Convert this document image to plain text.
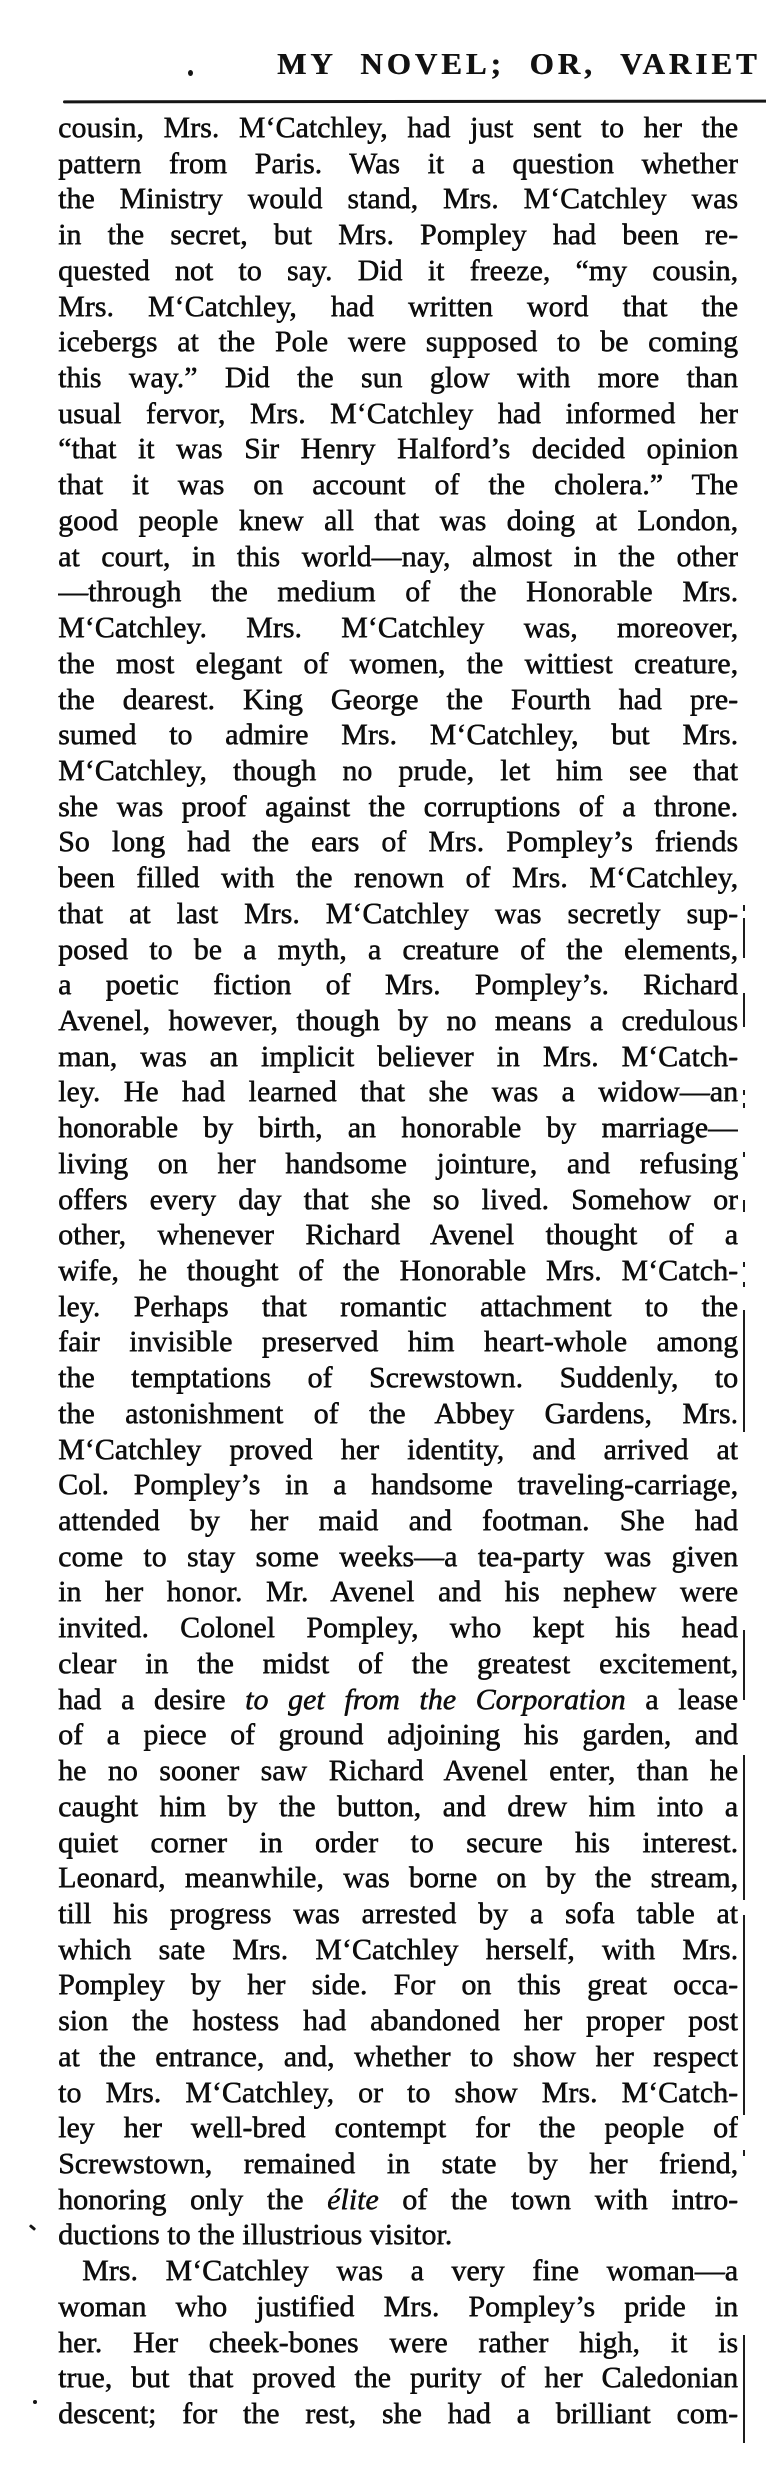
MY NOVEL; OR, VARIET
cousin, Mrs. M‘Catchley, had just sent to her the
pattern from Paris. Was it a question whether
the Ministry would stand, Mrs. M‘Catchley was
in the secret, but Mrs. Pompley had been re-
quested not to say. Did it freeze, “my cousin,
Mrs. M‘Catchley, had written word that the
icebergs at the Pole were supposed to be coming
this way.” Did the sun glow with more than
usual fervor, Mrs. M‘Catchley had informed her
“that it was Sir Henry Halford’s decided opinion
that it was on account of the cholera.” The
good people knew all that was doing at London,
at court, in this world—nay, almost in the other
—through the medium of the Honorable Mrs.
M‘Catchley. Mrs. M‘Catchley was, moreover,
the most elegant of women, the wittiest creature,
the dearest. King George the Fourth had pre-
sumed to admire Mrs. M‘Catchley, but Mrs.
M‘Catchley, though no prude, let him see that
she was proof against the corruptions of a throne.
So long had the ears of Mrs. Pompley’s friends
been filled with the renown of Mrs. M‘Catchley,
that at last Mrs. M‘Catchley was secretly sup-
posed to be a myth, a creature of the elements,
a poetic fiction of Mrs. Pompley’s. Richard
Avenel, however, though by no means a credulous
man, was an implicit believer in Mrs. M‘Catch-
ley. He had learned that she was a widow—an
honorable by birth, an honorable by marriage—
living on her handsome jointure, and refusing
offers every day that she so lived. Somehow or
other, whenever Richard Avenel thought of a
wife, he thought of the Honorable Mrs. M‘Catch-
ley. Perhaps that romantic attachment to the
fair invisible preserved him heart-whole among
the temptations of Screwstown. Suddenly, to
the astonishment of the Abbey Gardens, Mrs.
M‘Catchley proved her identity, and arrived at
Col. Pompley’s in a handsome traveling-carriage,
attended by her maid and footman. She had
come to stay some weeks—a tea-party was given
in her honor. Mr. Avenel and his nephew were
invited. Colonel Pompley, who kept his head
clear in the midst of the greatest excitement,
had a desire to get from the Corporation a lease
of a piece of ground adjoining his garden, and
he no sooner saw Richard Avenel enter, than he
caught him by the button, and drew him into a
quiet corner in order to secure his interest.
Leonard, meanwhile, was borne on by the stream,
till his progress was arrested by a sofa table at
which sate Mrs. M‘Catchley herself, with Mrs.
Pompley by her side. For on this great occa-
sion the hostess had abandoned her proper post
at the entrance, and, whether to show her respect
to Mrs. M‘Catchley, or to show Mrs. M‘Catch-
ley her well-bred contempt for the people of
Screwstown, remained in state by her friend,
honoring only the élite of the town with intro-
ductions to the illustrious visitor.
Mrs. M‘Catchley was a very fine woman—a
woman who justified Mrs. Pompley’s pride in
her. Her cheek-bones were rather high, it is
true, but that proved the purity of her Caledonian
descent; for the rest, she had a brilliant com-
